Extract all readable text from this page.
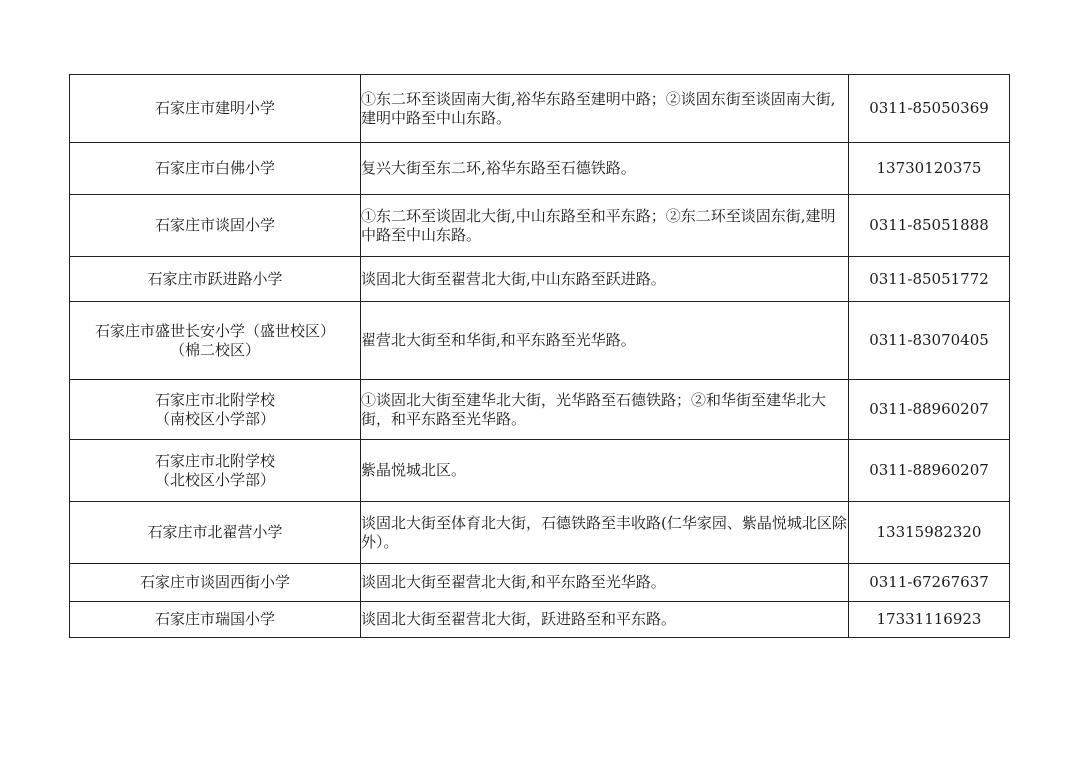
石家庄市建明小学	①东二环至谈固南大街,裕华东路至建明中路；②谈固东街至谈固南大街,建明中路至中山东路。	0311-85050369

石家庄市白佛小学	复兴大街至东二环,裕华东路至石德铁路。	13730120375

石家庄市谈固小学	①东二环至谈固北大街,中山东路至和平东路；②东二环至谈固东街,建明中路至中山东路。	0311-85051888

石家庄市跃进路小学	谈固北大街至翟营北大街,中山东路至跃进路。	0311-85051772

石家庄市盛世长安小学（盛世校区）
（棉二校区）	翟营北大街至和华街,和平东路至光华路。	0311-83070405

石家庄市北附学校
（南校区小学部）	①谈固北大街至建华北大街，光华路至石德铁路；②和华街至建华北大街，和平东路至光华路。	0311-88960207

石家庄市北附学校
（北校区小学部）	紫晶悦城北区。	0311-88960207

石家庄市北翟营小学	谈固北大街至体育北大街，石德铁路至丰收路(仁华家园、紫晶悦城北区除外）。	13315982320

石家庄市谈固西街小学	谈固北大街至翟营北大街,和平东路至光华路。	0311-67267637

石家庄市瑞国小学	谈固北大街至翟营北大街，跃进路至和平东路。	17331116923
